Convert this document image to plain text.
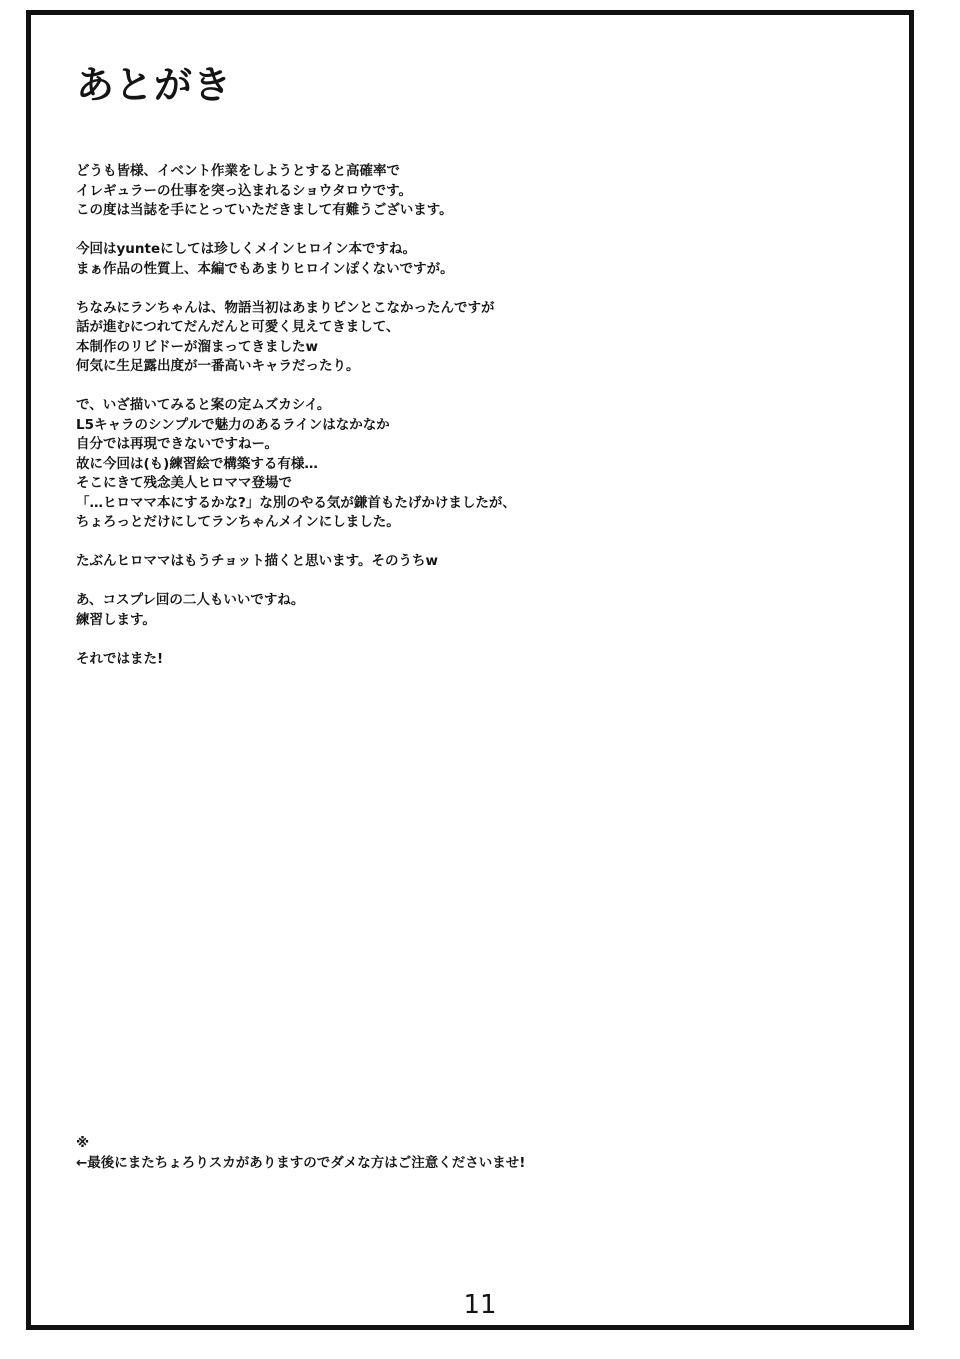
あとがき
どうも皆様、イベント作業をしようとすると高確率で
イレギュラーの仕事を突っ込まれるショウタロウです。
この度は当誌を手にとっていただきまして有難うございます。
今回はyunteにしては珍しくメインヒロイン本ですね。
まぁ作品の性質上、本編でもあまりヒロインぽくないですが。
ちなみにランちゃんは、物語当初はあまりピンとこなかったんですが
話が進むにつれてだんだんと可愛く見えてきまして、
本制作のリビドーが溜まってきましたw
何気に生足露出度が一番高いキャラだったり。
で、いざ描いてみると案の定ムズカシイ。
L5キャラのシンプルで魅力のあるラインはなかなか
自分では再現できないですねー。
故に今回は(も)練習絵で構築する有様…
そこにきて残念美人ヒロママ登場で
「…ヒロママ本にするかな?」な別のやる気が鎌首もたげかけましたが、
ちょろっとだけにしてランちゃんメインにしました。
たぶんヒロママはもうチョット描くと思います。そのうちw
あ、コスプレ回の二人もいいですね。
練習します。
それではまた!
※
←最後にまたちょろりスカがありますのでダメな方はご注意くださいませ!
11
